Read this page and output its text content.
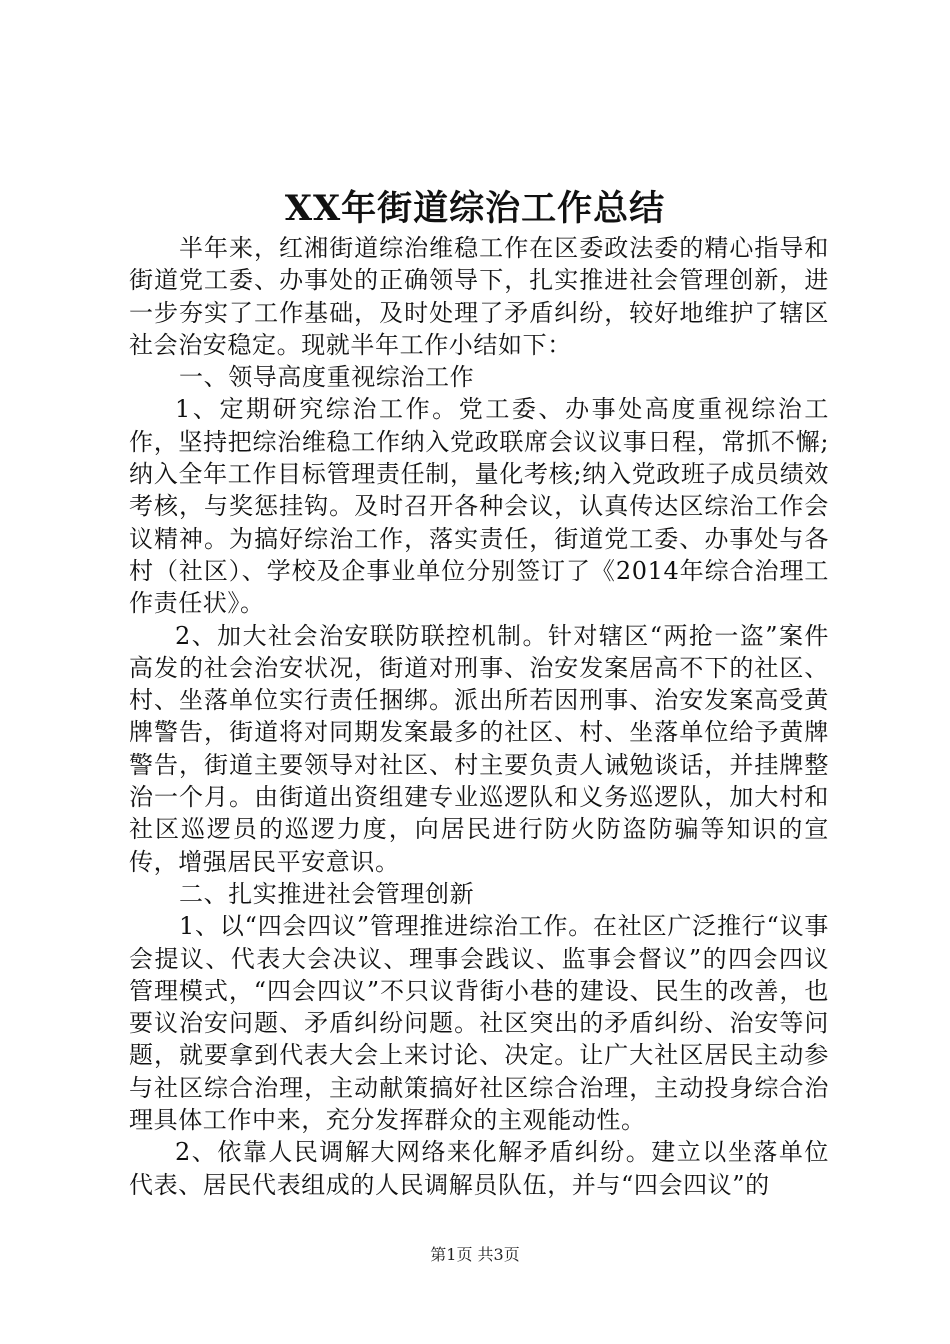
XX年街道综治工作总结

半年来，红湘街道综治维稳工作在区委政法委的精心指导和街道党工委、办事处的正确领导下，扎实推进社会管理创新，进一步夯实了工作基础，及时处理了矛盾纠纷，较好地维护了辖区社会治安稳定。现就半年工作小结如下：

一、领导高度重视综治工作

1、定期研究综治工作。党工委、办事处高度重视综治工作，坚持把综治维稳工作纳入党政联席会议议事日程，常抓不懈;纳入全年工作目标管理责任制，量化考核;纳入党政班子成员绩效考核，与奖惩挂钩。及时召开各种会议，认真传达区综治工作会议精神。为搞好综治工作，落实责任，街道党工委、办事处与各村（社区）、学校及企事业单位分别签订了《2014年综合治理工作责任状》。

2、加大社会治安联防联控机制。针对辖区“两抢一盗”案件高发的社会治安状况，街道对刑事、治安发案居高不下的社区、村、坐落单位实行责任捆绑。派出所若因刑事、治安发案高受黄牌警告，街道将对同期发案最多的社区、村、坐落单位给予黄牌警告，街道主要领导对社区、村主要负责人诫勉谈话，并挂牌整治一个月。由街道出资组建专业巡逻队和义务巡逻队，加大村和社区巡逻员的巡逻力度，向居民进行防火防盗防骗等知识的宣传，增强居民平安意识。

二、扎实推进社会管理创新

1、以“四会四议”管理推进综治工作。在社区广泛推行“议事会提议、代表大会决议、理事会践议、监事会督议”的四会四议管理模式，“四会四议”不只议背街小巷的建设、民生的改善，也要议治安问题、矛盾纠纷问题。社区突出的矛盾纠纷、治安等问题，就要拿到代表大会上来讨论、决定。让广大社区居民主动参与社区综合治理，主动献策搞好社区综合治理，主动投身综合治理具体工作中来，充分发挥群众的主观能动性。

2、依靠人民调解大网络来化解矛盾纠纷。建立以坐落单位代表、居民代表组成的人民调解员队伍，并与“四会四议”的

第1页 共3页
